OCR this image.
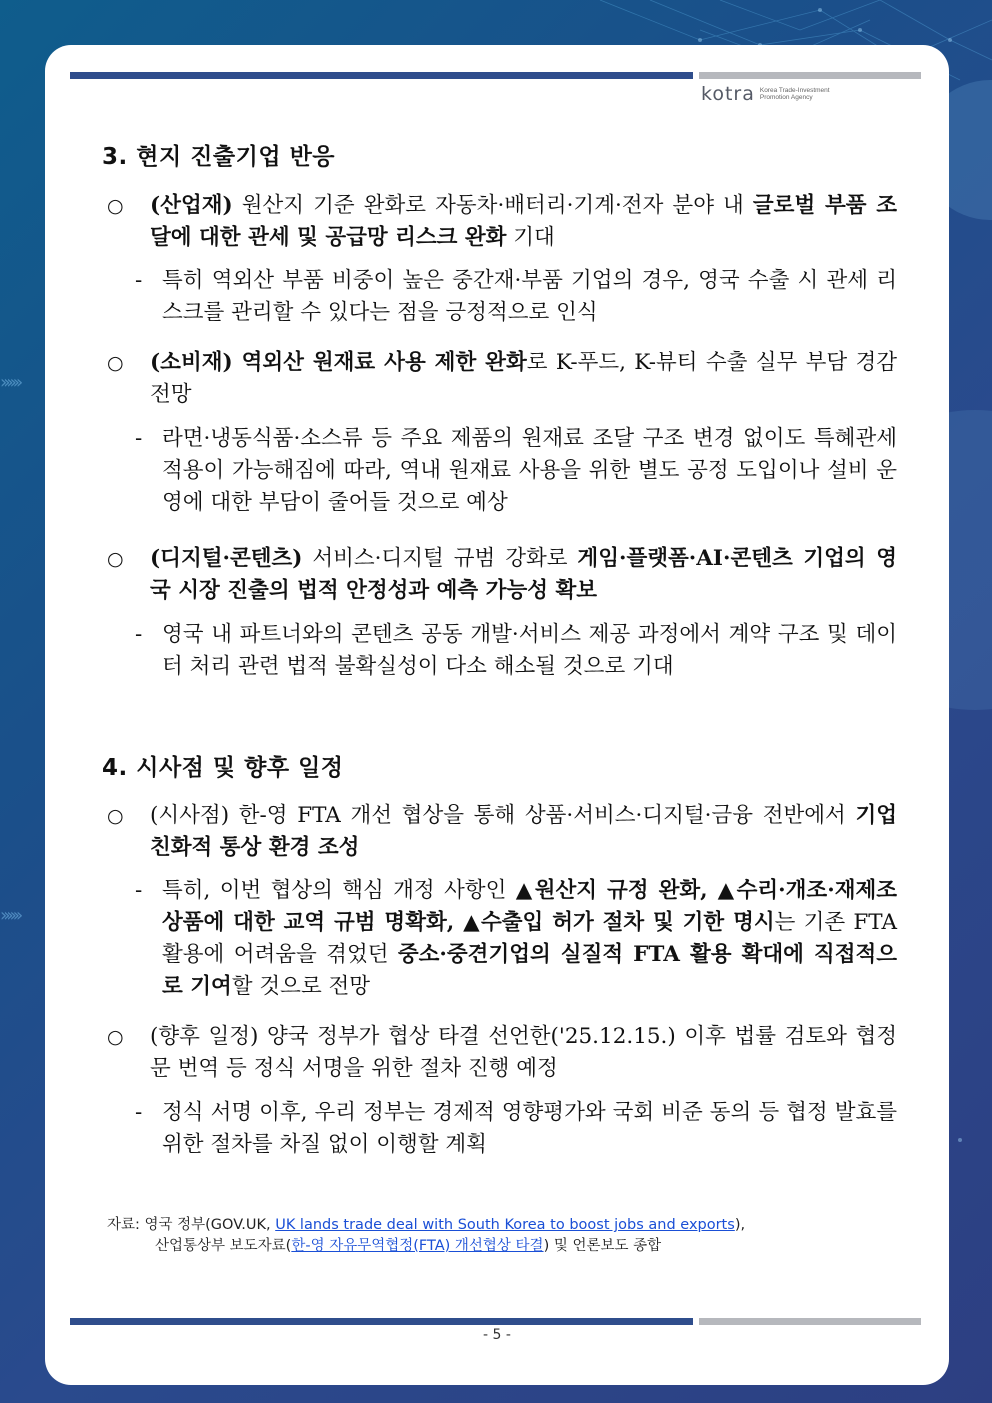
››››››
››››››
kotra Korea Trade-Investment Promotion Agency
3. 현지 진출기업 반응
○ (산업재) 원산지 기준 완화로 자동차·배터리·기계·전자 분야 내 글로벌 부품 조달에 대한 관세 및 공급망 리스크 완화 기대
- 특히 역외산 부품 비중이 높은 중간재·부품 기업의 경우, 영국 수출 시 관세 리스크를 관리할 수 있다는 점을 긍정적으로 인식
○ (소비재) 역외산 원재료 사용 제한 완화로 K-푸드, K-뷰티 수출 실무 부담 경감 전망
- 라면·냉동식품·소스류 등 주요 제품의 원재료 조달 구조 변경 없이도 특혜관세 적용이 가능해짐에 따라, 역내 원재료 사용을 위한 별도 공정 도입이나 설비 운영에 대한 부담이 줄어들 것으로 예상
○ (디지털·콘텐츠) 서비스·디지털 규범 강화로 게임·플랫폼·AI·콘텐츠 기업의 영국 시장 진출의 법적 안정성과 예측 가능성 확보
- 영국 내 파트너와의 콘텐츠 공동 개발·서비스 제공 과정에서 계약 구조 및 데이터 처리 관련 법적 불확실성이 다소 해소될 것으로 기대
4. 시사점 및 향후 일정
○ (시사점) 한-영 FTA 개선 협상을 통해 상품·서비스·디지털·금융 전반에서 기업 친화적 통상 환경 조성
- 특히, 이번 협상의 핵심 개정 사항인 ▲원산지 규정 완화, ▲수리·개조·재제조 상품에 대한 교역 규범 명확화, ▲수출입 허가 절차 및 기한 명시는 기존 FTA 활용에 어려움을 겪었던 중소·중견기업의 실질적 FTA 활용 확대에 직접적으로 기여할 것으로 전망
○ (향후 일정) 양국 정부가 협상 타결 선언한('25.12.15.) 이후 법률 검토와 협정문 번역 등 정식 서명을 위한 절차 진행 예정
- 정식 서명 이후, 우리 정부는 경제적 영향평가와 국회 비준 동의 등 협정 발효를 위한 절차를 차질 없이 이행할 계획
자료: 영국 정부(GOV.UK, UK lands trade deal with South Korea to boost jobs and exports),
산업통상부 보도자료(한-영 자유무역협정(FTA) 개선협상 타결) 및 언론보도 종합
- 5 -
